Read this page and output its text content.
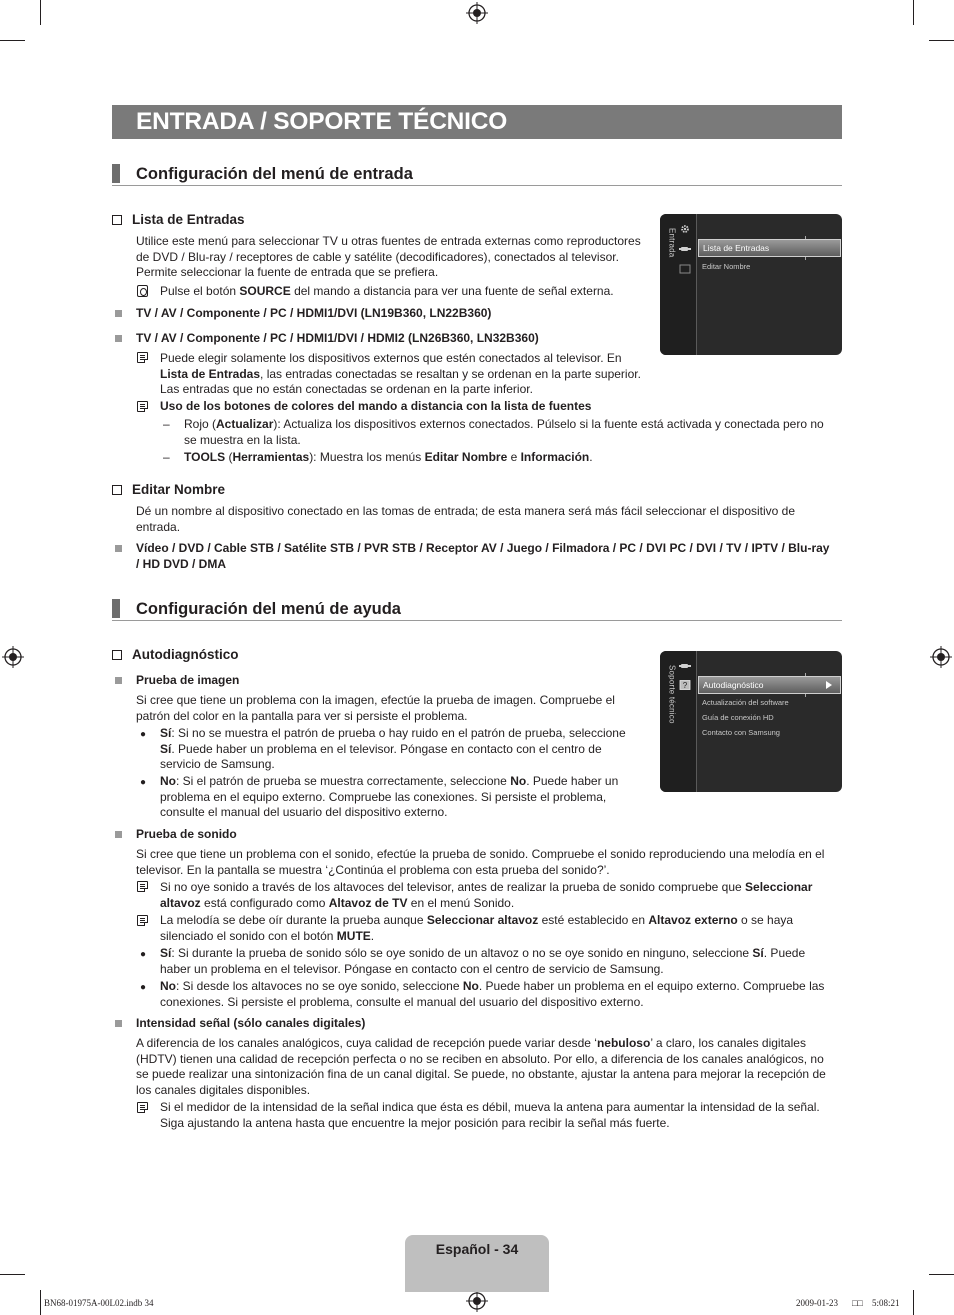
ENTRADA / SOPORTE TÉCNICO
Configuración del menú de entrada
Lista de Entradas
Utilice este menú para seleccionar TV u otras fuentes de entrada externas como reproductores
de DVD / Blu-ray / receptores de cable y satélite (decodificadores), conectados al televisor.
Permite seleccionar la fuente de entrada que se prefiera.
Pulse el botón SOURCE del mando a distancia para ver una fuente de señal externa.
TV / AV / Componente / PC / HDMI1/DVI (LN19B360, LN22B360)
TV / AV / Componente / PC / HDMI1/DVI / HDMI2 (LN26B360, LN32B360)
Puede elegir solamente los dispositivos externos que estén conectados al televisor. En
Lista de Entradas, las entradas conectadas se resaltan y se ordenan en la parte superior.
Las entradas que no están conectadas se ordenan en la parte inferior.
Uso de los botones de colores del mando a distancia con la lista de fuentes
– Rojo (Actualizar): Actualiza los dispositivos externos conectados. Púlselo si la fuente está activada y conectada pero no
se muestra en la lista.
– TOOLS (Herramientas): Muestra los menús Editar Nombre e Información.
Entrada	Lista de Entradas
Editar Nombre
Editar Nombre
Dé un nombre al dispositivo conectado en las tomas de entrada; de esta manera será más fácil seleccionar el dispositivo de
entrada.
Vídeo / DVD / Cable STB / Satélite STB / PVR STB / Receptor AV / Juego / Filmadora / PC / DVI PC / DVI / TV / IPTV / Blu-ray
/ HD DVD / DMA
Configuración del menú de ayuda
Autodiagnóstico
Prueba de imagen
Si cree que tiene un problema con la imagen, efectúe la prueba de imagen. Compruebe el
patrón del color en la pantalla para ver si persiste el problema.
● Sí: Si no se muestra el patrón de prueba o hay ruido en el patrón de prueba, seleccione
Sí. Puede haber un problema en el televisor. Póngase en contacto con el centro de
servicio de Samsung.
● No: Si el patrón de prueba se muestra correctamente, seleccione No. Puede haber un
problema en el equipo externo. Compruebe las conexiones. Si persiste el problema,
consulte el manual del usuario del dispositivo externo.
Soporte técnico ?	Autodiagnóstico
Actualización del software
Guía de conexión HD
Contacto con Samsung
Prueba de sonido
Si cree que tiene un problema con el sonido, efectúe la prueba de sonido. Compruebe el sonido reproduciendo una melodía en el
televisor. En la pantalla se muestra ‘¿Continúa el problema con esta prueba del sonido?’.
Si no oye sonido a través de los altavoces del televisor, antes de realizar la prueba de sonido compruebe que Seleccionar
altavoz está configurado como Altavoz de TV en el menú Sonido.
La melodía se debe oír durante la prueba aunque Seleccionar altavoz esté establecido en Altavoz externo o se haya
silenciado el sonido con el botón MUTE.
● Sí: Si durante la prueba de sonido sólo se oye sonido de un altavoz o no se oye sonido en ninguno, seleccione Sí. Puede
haber un problema en el televisor. Póngase en contacto con el centro de servicio de Samsung.
● No: Si desde los altavoces no se oye sonido, seleccione No. Puede haber un problema en el equipo externo. Compruebe las
conexiones. Si persiste el problema, consulte el manual del usuario del dispositivo externo.
Intensidad señal (sólo canales digitales)
A diferencia de los canales analógicos, cuya calidad de recepción puede variar desde ‘nebuloso’ a claro, los canales digitales
(HDTV) tienen una calidad de recepción perfecta o no se reciben en absoluto. Por ello, a diferencia de los canales analógicos, no
se puede realizar una sintonización fina de un canal digital. Se puede, no obstante, ajustar la antena para mejorar la recepción de
los canales digitales disponibles.
Si el medidor de la intensidad de la señal indica que ésta es débil, mueva la antena para aumentar la intensidad de la señal.
Siga ajustando la antena hasta que encuentre la mejor posición para recibir la señal más fuerte.
Español - 34
BN68-01975A-00L02.indb 34	2009-01-23 □□ 5:08:21
